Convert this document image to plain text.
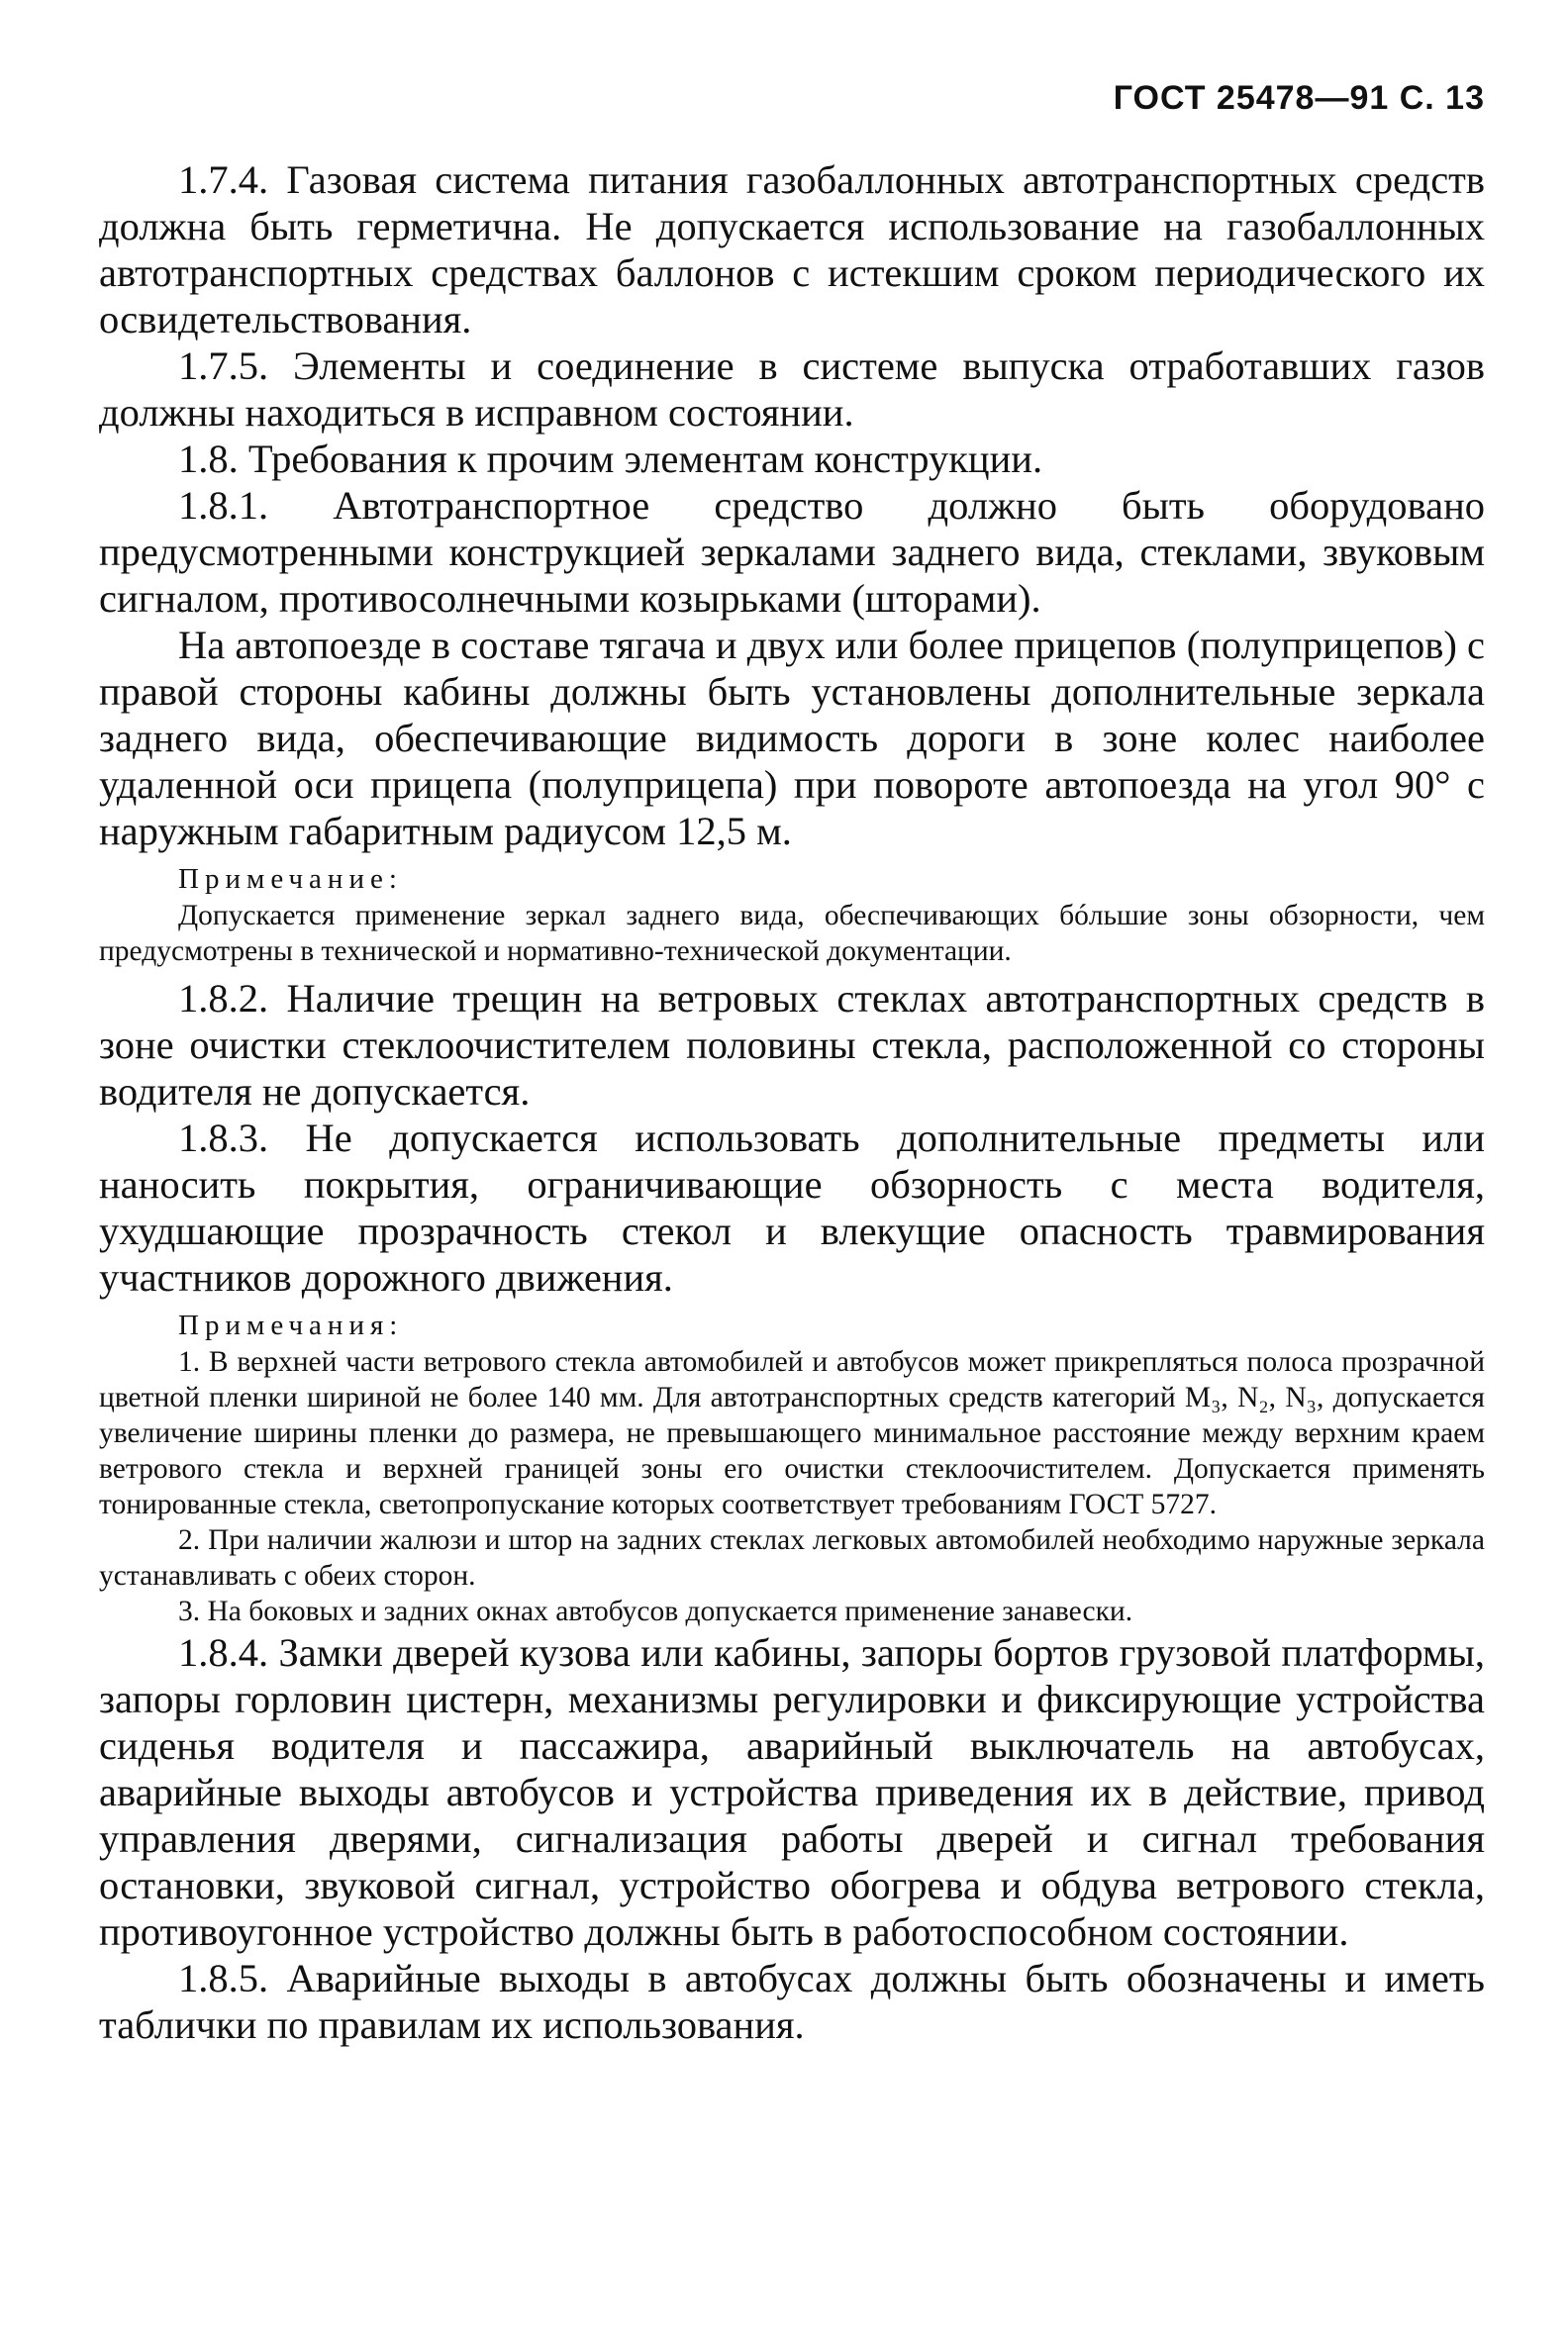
ГОСТ 25478—91 С. 13

1.7.4. Газовая система питания газобаллонных автотранспортных средств должна быть герметична. Не допускается использование на газобаллонных автотранспортных средствах баллонов с истекшим сроком периодического их освидетельствования.

1.7.5. Элементы и соединение в системе выпуска отработавших газов должны находиться в исправном состоянии.

1.8. Требования к прочим элементам конструкции.

1.8.1. Автотранспортное средство должно быть оборудовано предусмотренными конструкцией зеркалами заднего вида, стеклами, звуковым сигналом, противосолнечными козырьками (шторами).

На автопоезде в составе тягача и двух или более прицепов (полуприцепов) с правой стороны кабины должны быть установлены дополнительные зеркала заднего вида, обеспечивающие видимость дороги в зоне колес наиболее удаленной оси прицепа (полуприцепа) при повороте автопоезда на угол 90° с наружным габаритным радиусом 12,5 м.

Примечание:

Допускается применение зеркал заднего вида, обеспечивающих бóльшие зоны обзорности, чем предусмотрены в технической и нормативно-технической документации.

1.8.2. Наличие трещин на ветровых стеклах автотранспортных средств в зоне очистки стеклоочистителем половины стекла, расположенной со стороны водителя не допускается.

1.8.3. Не допускается использовать дополнительные предметы или наносить покрытия, ограничивающие обзорность с места водителя, ухудшающие прозрачность стекол и влекущие опасность травмирования участников дорожного движения.

Примечания:

1. В верхней части ветрового стекла автомобилей и автобусов может прикрепляться полоса прозрачной цветной пленки шириной не более 140 мм. Для автотранспортных средств категорий M₃, N₂, N₃, допускается увеличение ширины пленки до размера, не превышающего минимальное расстояние между верхним краем ветрового стекла и верхней границей зоны его очистки стеклоочистителем. Допускается применять тонированные стекла, светопропускание которых соответствует требованиям ГОСТ 5727.

2. При наличии жалюзи и штор на задних стеклах легковых автомобилей необходимо наружные зеркала устанавливать с обеих сторон.

3. На боковых и задних окнах автобусов допускается применение занавески.

1.8.4. Замки дверей кузова или кабины, запоры бортов грузовой платформы, запоры горловин цистерн, механизмы регулировки и фиксирующие устройства сиденья водителя и пассажира, аварийный выключатель на автобусах, аварийные выходы автобусов и устройства приведения их в действие, привод управления дверями, сигнализация работы дверей и сигнал требования остановки, звуковой сигнал, устройство обогрева и обдува ветрового стекла, противоугонное устройство должны быть в работоспособном состоянии.

1.8.5. Аварийные выходы в автобусах должны быть обозначены и иметь таблички по правилам их использования.
